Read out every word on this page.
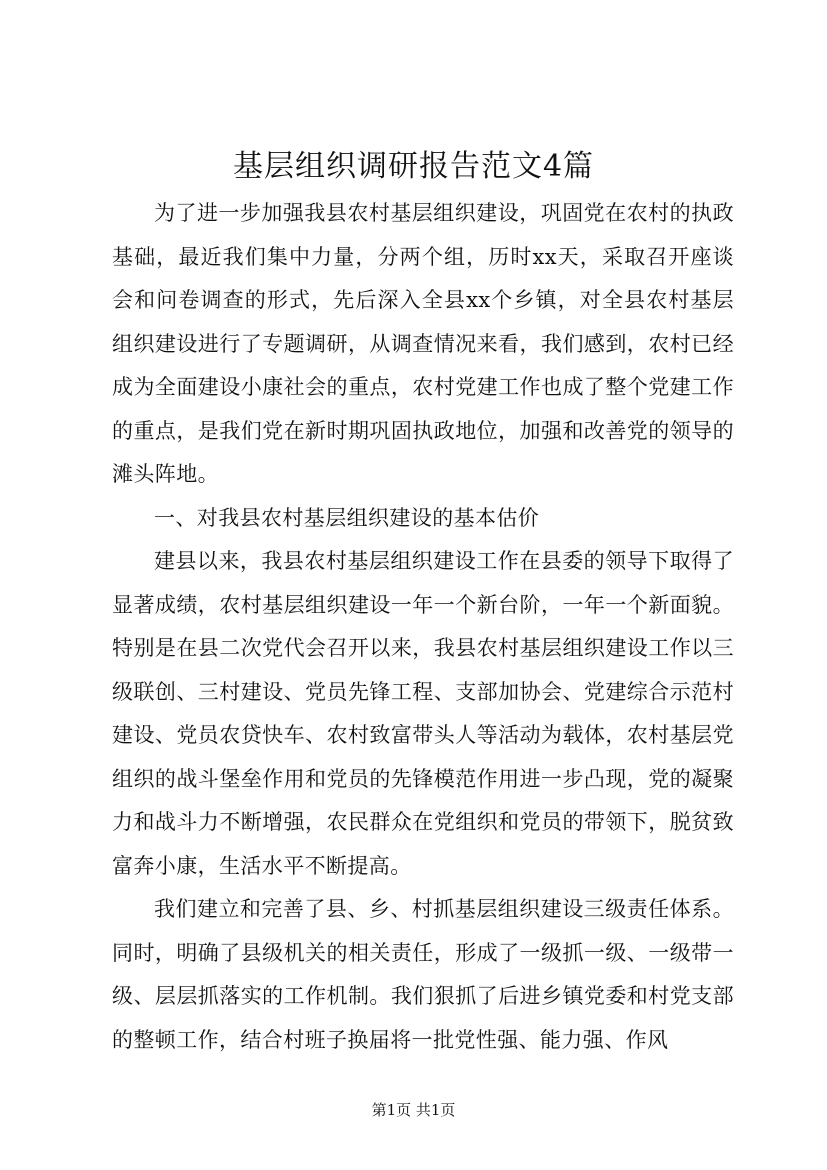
基层组织调研报告范文4篇

为了进一步加强我县农村基层组织建设，巩固党在农村的执政基础，最近我们集中力量，分两个组，历时xx天，采取召开座谈会和问卷调查的形式，先后深入全县xx个乡镇，对全县农村基层组织建设进行了专题调研，从调查情况来看，我们感到，农村已经成为全面建设小康社会的重点，农村党建工作也成了整个党建工作的重点，是我们党在新时期巩固执政地位，加强和改善党的领导的滩头阵地。

一、对我县农村基层组织建设的基本估价

建县以来，我县农村基层组织建设工作在县委的领导下取得了显著成绩，农村基层组织建设一年一个新台阶，一年一个新面貌。特别是在县二次党代会召开以来，我县农村基层组织建设工作以三级联创、三村建设、党员先锋工程、支部加协会、党建综合示范村建设、党员农贷快车、农村致富带头人等活动为载体，农村基层党组织的战斗堡垒作用和党员的先锋模范作用进一步凸现，党的凝聚力和战斗力不断增强，农民群众在党组织和党员的带领下，脱贫致富奔小康，生活水平不断提高。

我们建立和完善了县、乡、村抓基层组织建设三级责任体系。同时，明确了县级机关的相关责任，形成了一级抓一级、一级带一级、层层抓落实的工作机制。我们狠抓了后进乡镇党委和村党支部的整顿工作，结合村班子换届将一批党性强、能力强、作风

第1页 共1页
